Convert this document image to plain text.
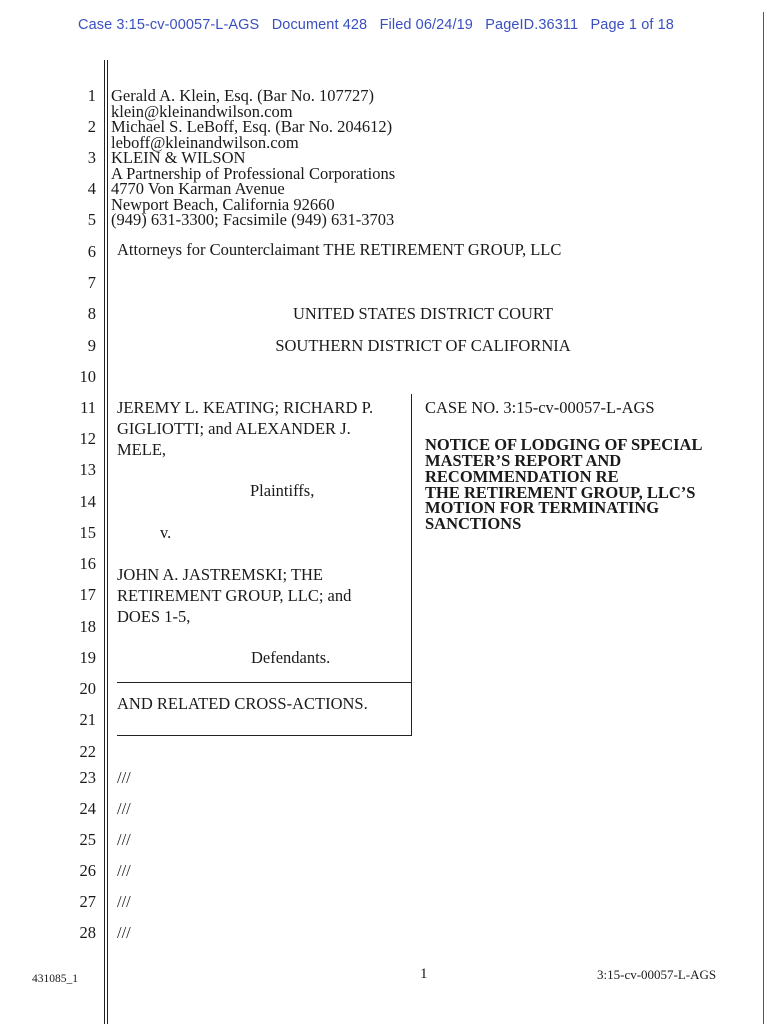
Case 3:15-cv-00057-L-AGS   Document 428   Filed 06/24/19   PageID.36311   Page 1 of 18
1
2
3
4
5
6
7
8
9
10
11
12
13
14
15
16
17
18
19
20
21
22
23
24
25
26
27
28
Gerald A. Klein, Esq. (Bar No. 107727)
klein@kleinandwilson.com
Michael S. LeBoff, Esq. (Bar No. 204612)
leboff@kleinandwilson.com
KLEIN & WILSON
A Partnership of Professional Corporations
4770 Von Karman Avenue
Newport Beach, California 92660
(949) 631-3300; Facsimile (949) 631-3703
Attorneys for Counterclaimant THE RETIREMENT GROUP, LLC
UNITED STATES DISTRICT COURT
SOUTHERN DISTRICT OF CALIFORNIA
JEREMY L. KEATING; RICHARD P.
GIGLIOTTI; and ALEXANDER J.
MELE,
Plaintiffs,
v.
JOHN A. JASTREMSKI; THE
RETIREMENT GROUP, LLC; and
DOES 1-5,
Defendants.
AND RELATED CROSS-ACTIONS.
CASE NO. 3:15-cv-00057-L-AGS
NOTICE OF LODGING OF SPECIAL
MASTER’S REPORT AND
RECOMMENDATION RE
THE RETIREMENT GROUP, LLC’S
MOTION FOR TERMINATING
SANCTIONS
///
///
///
///
///
///
431085_1	1	3:15-cv-00057-L-AGS
